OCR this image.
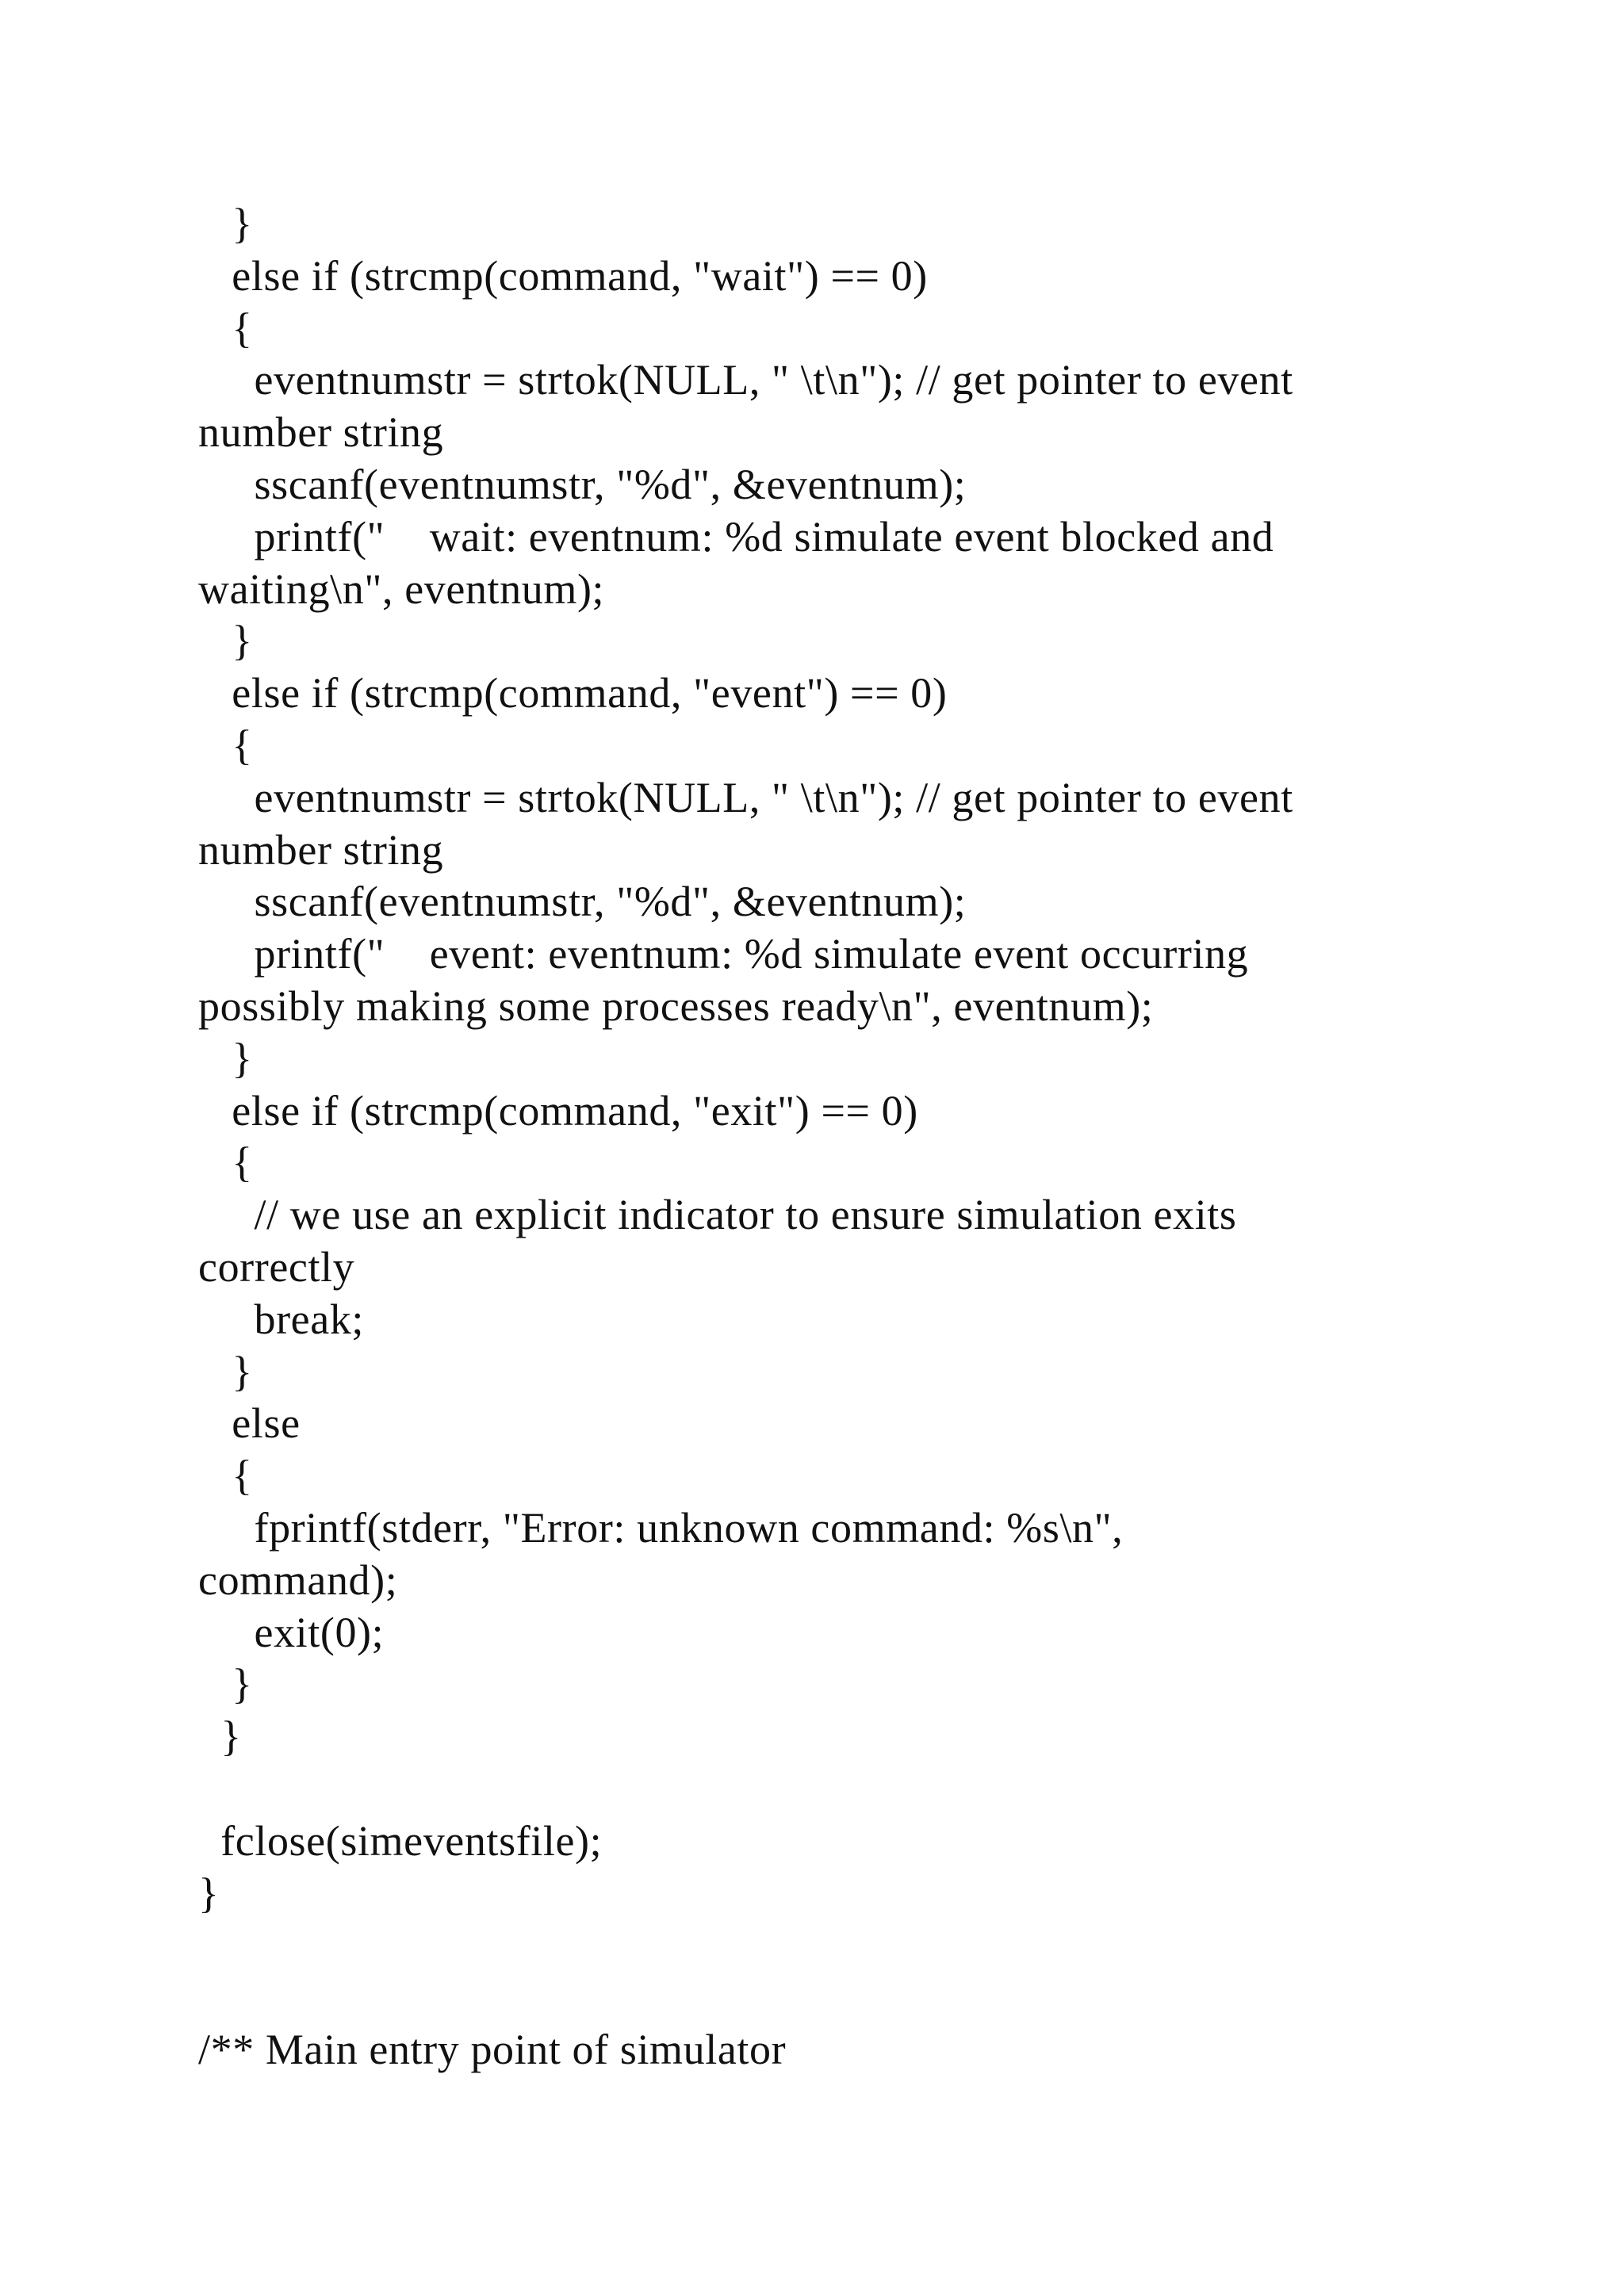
}
else if (strcmp(command, "wait") == 0)
{
eventnumstr = strtok(NULL, " \t\n"); // get pointer to event
number string
sscanf(eventnumstr, "%d", &eventnum);
printf("    wait: eventnum: %d simulate event blocked and
waiting\n", eventnum);
}
else if (strcmp(command, "event") == 0)
{
eventnumstr = strtok(NULL, " \t\n"); // get pointer to event
number string
sscanf(eventnumstr, "%d", &eventnum);
printf("    event: eventnum: %d simulate event occurring
possibly making some processes ready\n", eventnum);
}
else if (strcmp(command, "exit") == 0)
{
// we use an explicit indicator to ensure simulation exits
correctly
break;
}
else
{
fprintf(stderr, "Error: unknown command: %s\n",
command);
exit(0);
}
}
fclose(simeventsfile);
}
/** Main entry point of simulator
